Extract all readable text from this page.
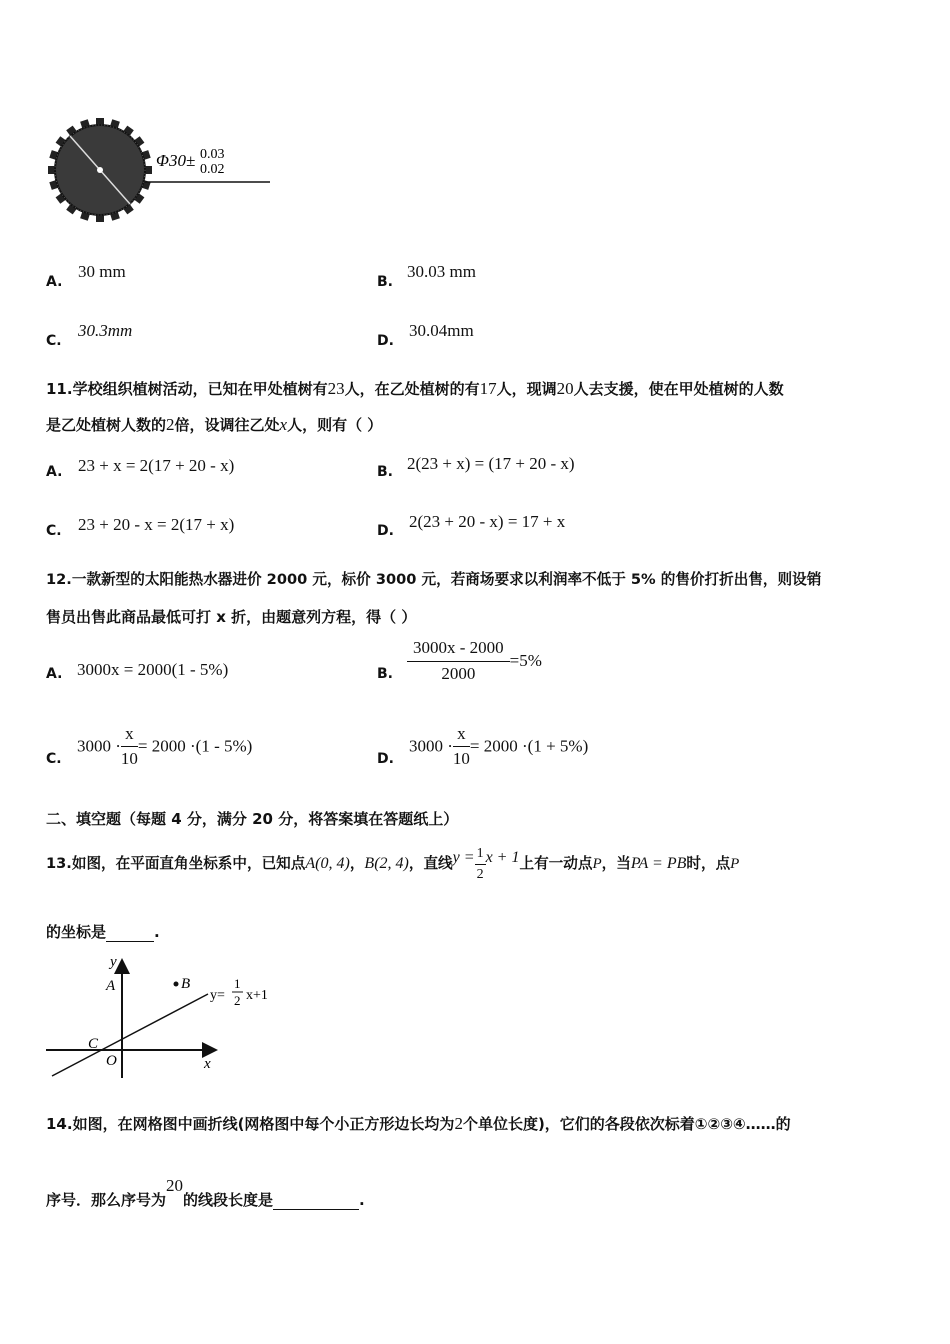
Φ30± 0.03
0.02
A.
30 mm
B.
30.03 mm
C.
30.3mm
D.
30.04mm
11.学校组织植树活动，已知在甲处植树有23人，在乙处植树的有17人，现调20人去支援，使在甲处植树的人数
是乙处植树人数的2倍，设调往乙处x人，则有（ ）
A. 23 + x = 2(17 + 20 - x)	B. 2(23 + x) = (17 + 20 - x)
C. 23 + 20 - x = 2(17 + x)	D. 2(23 + 20 - x) = 17 + x
12.一款新型的太阳能热水器进价 2000 元，标价 3000 元，若商场要求以利润率不低于 5% 的售价打折出售，则设销
售员出售此商品最低可打 x 折，由题意列方程，得（ ）
A. 3000x = 2000(1 - 5%)	B. $\frac{3000x - 2000}{2000} =5\%$
C.
$3000 \cdot \frac{x}{10} = 2000 \cdot(1 - 5\%)$
D.
$3000 \cdot \frac{x}{10} = 2000 \cdot(1 + 5\%)$
二、填空题（每题 4 分，满分 20 分，将答案填在答题纸上）
13.如图，在平面直角坐标系中，已知点A(0, 4)，B(2, 4)，直线$y = \frac{1}{2}$ x + 1上有一动点P，当PA = PB时，点P
的坐标是	.
y
x
A	B
C
O
y=
1
2 x+1
14.如图，在网格图中画折线(网格图中每个小正方形边长均为2个单位长度)，它们的各段依次标着①②③④……的
序号．那么序号为20的线段长度是	.
